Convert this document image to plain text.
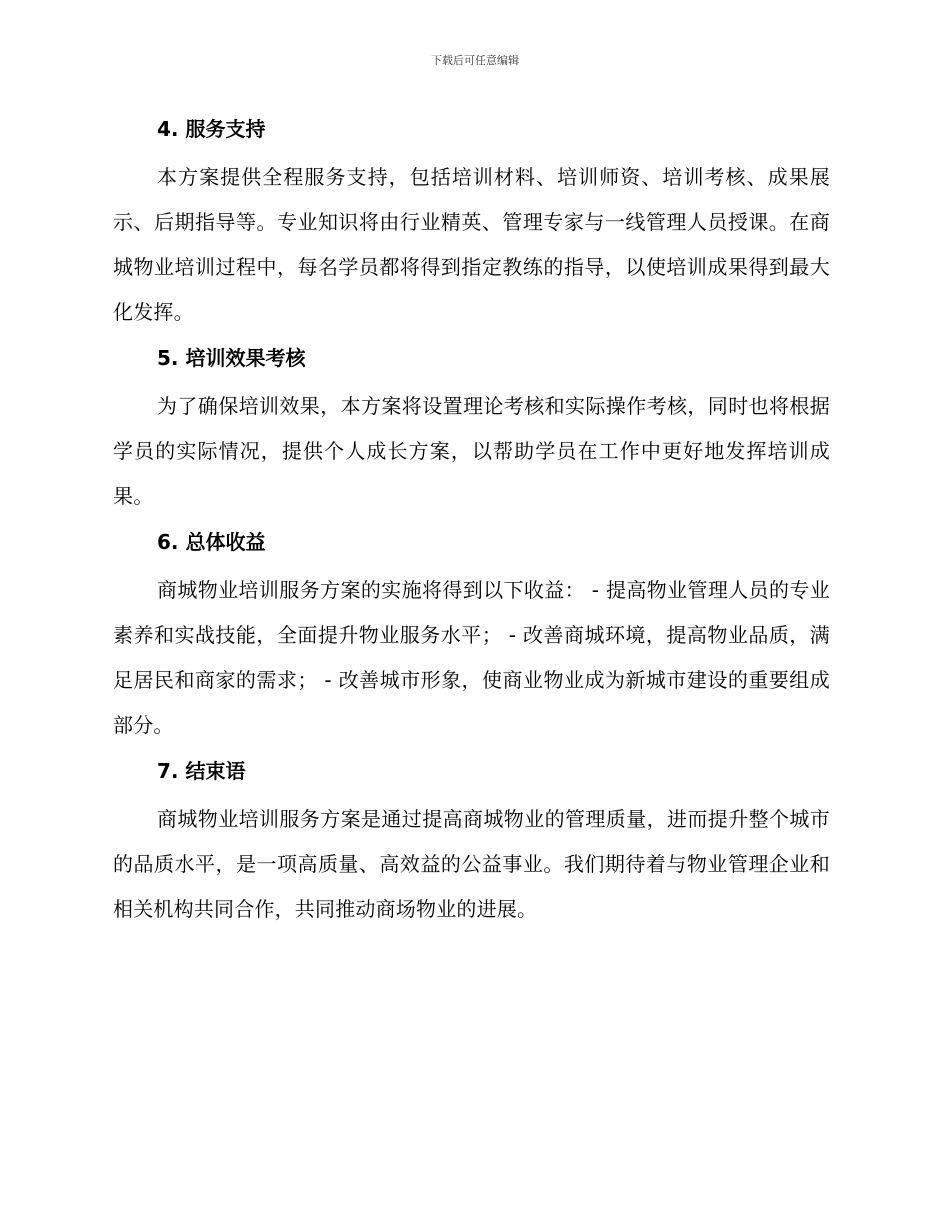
下载后可任意编辑
4. 服务支持

本方案提供全程服务支持，包括培训材料、培训师资、培训考核、成果展示、后期指导等。专业知识将由行业精英、管理专家与一线管理人员授课。在商城物业培训过程中，每名学员都将得到指定教练的指导，以使培训成果得到最大化发挥。

5. 培训效果考核

为了确保培训效果，本方案将设置理论考核和实际操作考核，同时也将根据学员的实际情况，提供个人成长方案，以帮助学员在工作中更好地发挥培训成果。

6. 总体收益

商城物业培训服务方案的实施将得到以下收益： - 提高物业管理人员的专业素养和实战技能，全面提升物业服务水平； - 改善商城环境，提高物业品质，满足居民和商家的需求； - 改善城市形象，使商业物业成为新城市建设的重要组成部分。

7. 结束语

商城物业培训服务方案是通过提高商城物业的管理质量，进而提升整个城市的品质水平，是一项高质量、高效益的公益事业。我们期待着与物业管理企业和相关机构共同合作，共同推动商场物业的进展。
